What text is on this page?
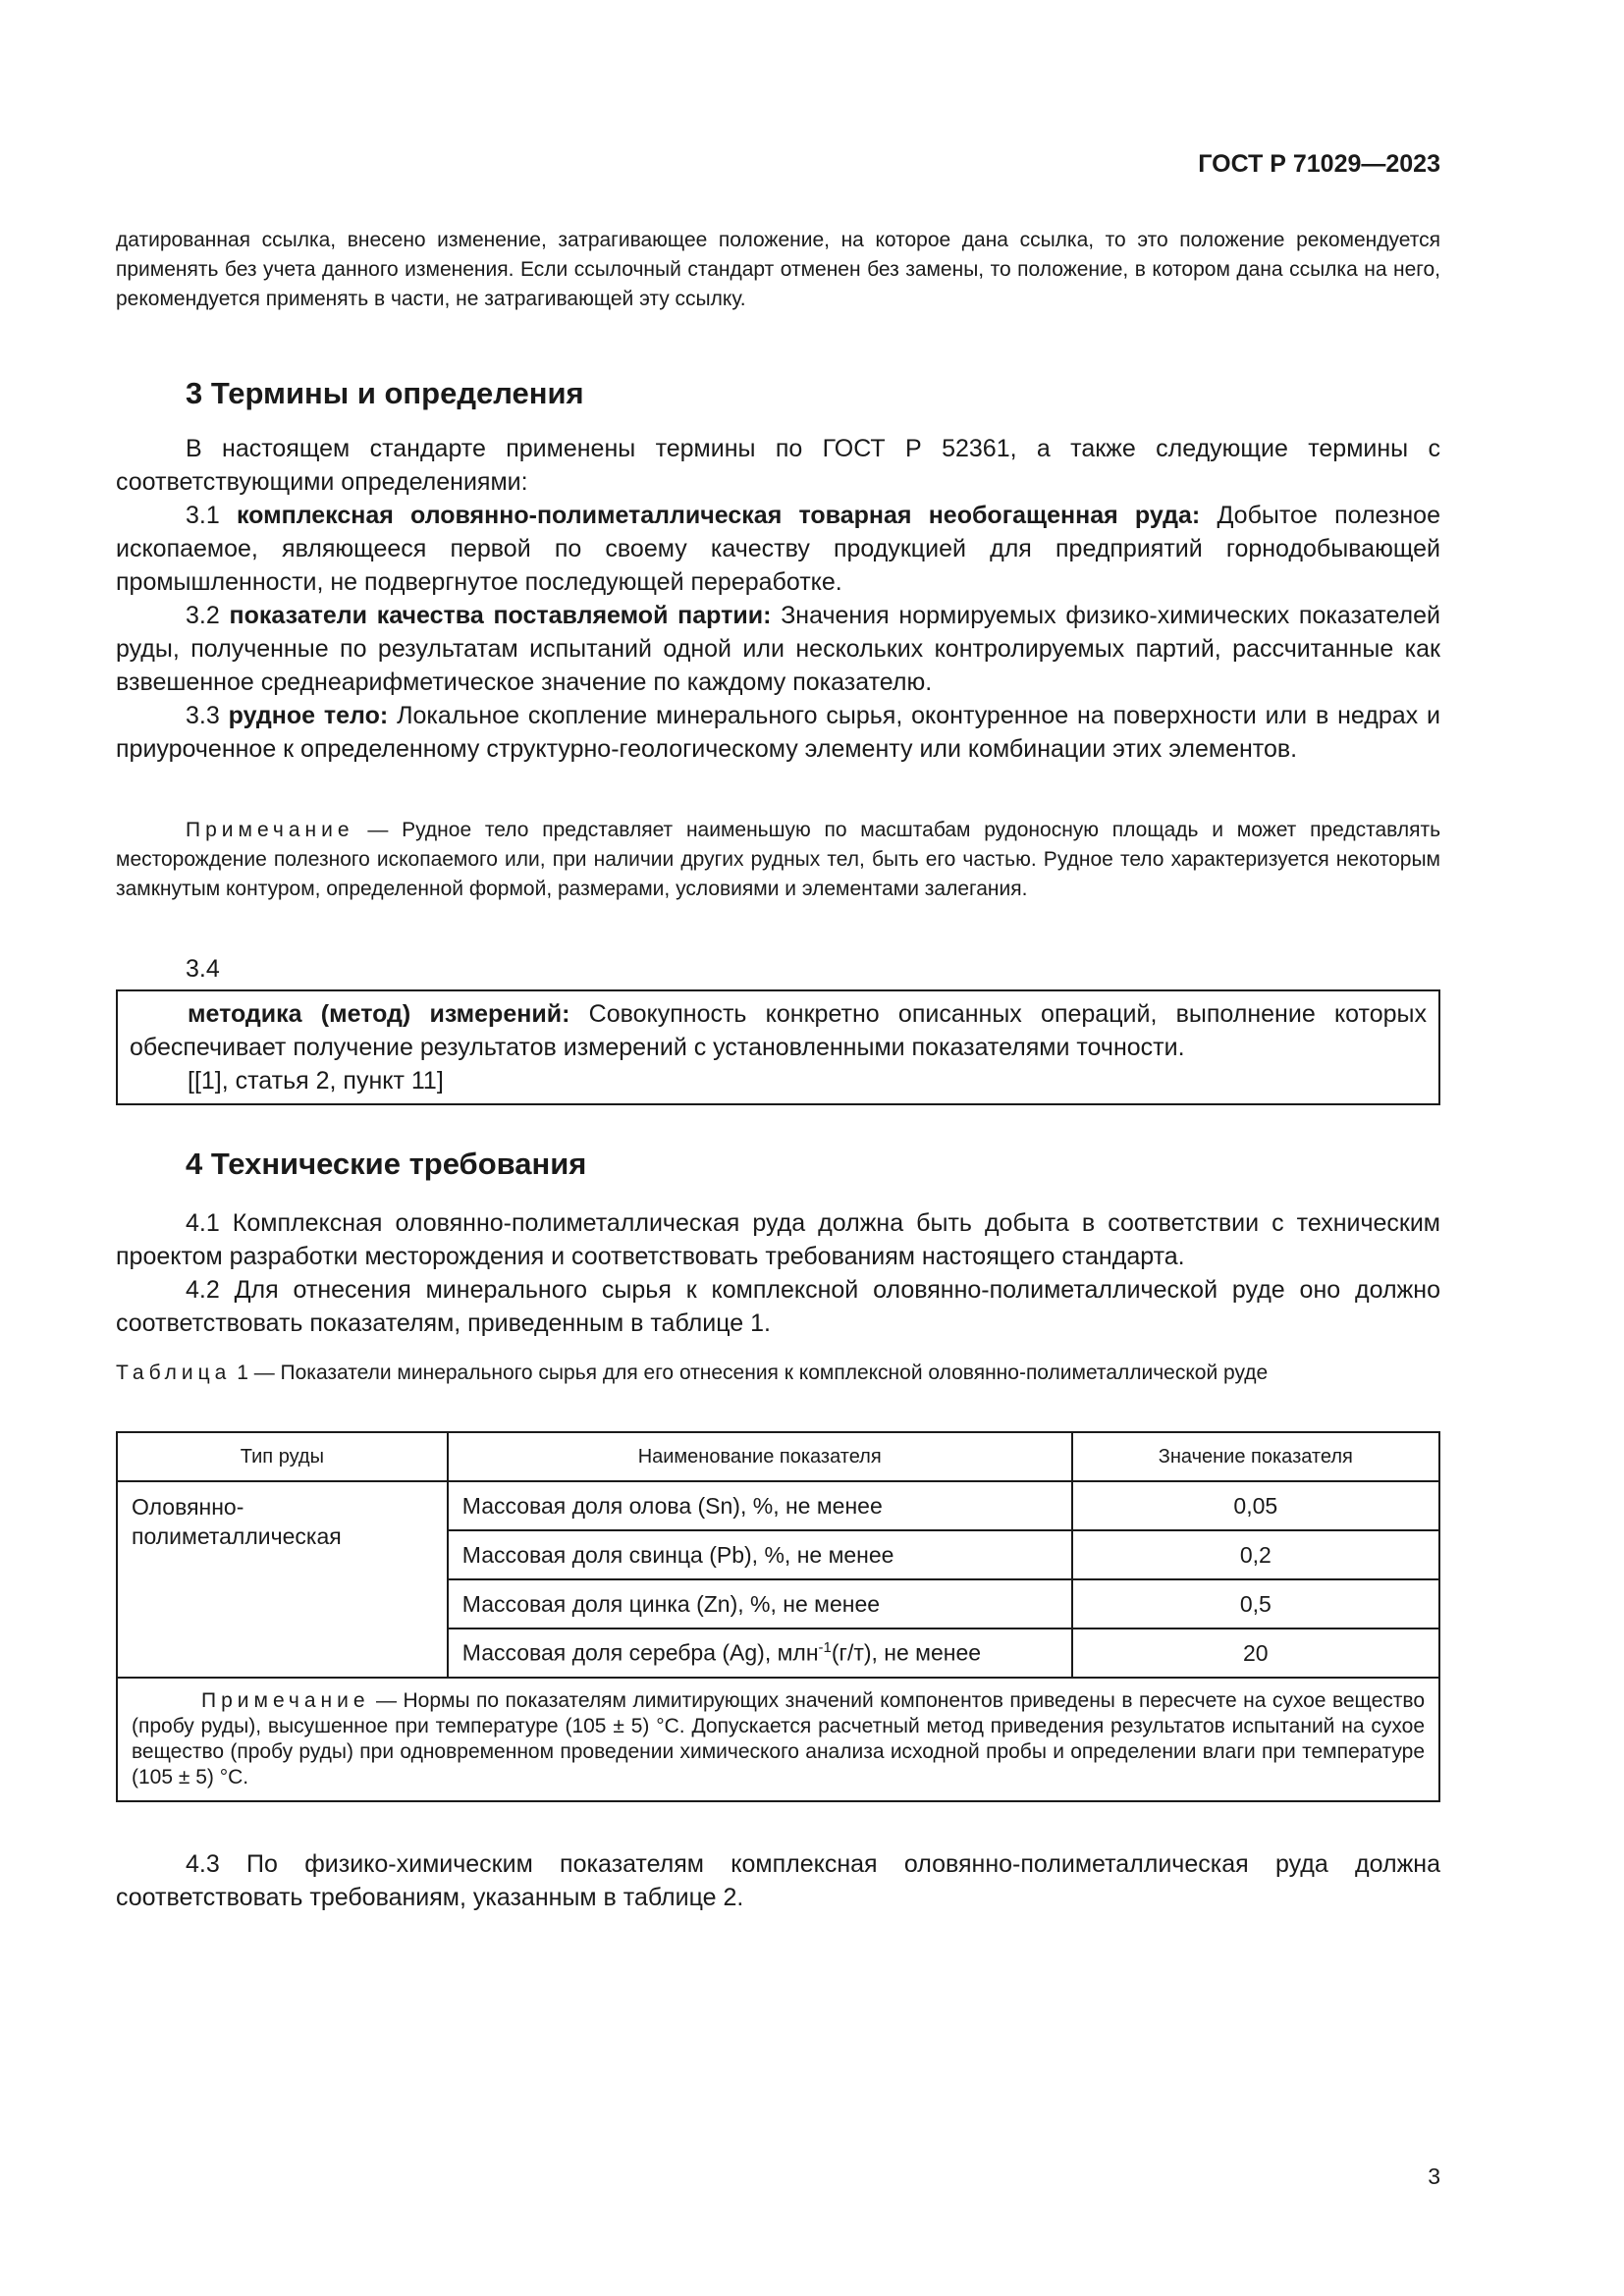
ГОСТ Р 71029—2023

датированная ссылка, внесено изменение, затрагивающее положение, на которое дана ссылка, то это положение рекомендуется применять без учета данного изменения. Если ссылочный стандарт отменен без замены, то положение, в котором дана ссылка на него, рекомендуется применять в части, не затрагивающей эту ссылку.

3 Термины и определения

В настоящем стандарте применены термины по ГОСТ Р 52361, а также следующие термины с соответствующими определениями:

3.1 комплексная оловянно-полиметаллическая товарная необогащенная руда: Добытое полезное ископаемое, являющееся первой по своему качеству продукцией для предприятий горнодобывающей промышленности, не подвергнутое последующей переработке.

3.2 показатели качества поставляемой партии: Значения нормируемых физико-химических показателей руды, полученные по результатам испытаний одной или нескольких контролируемых партий, рассчитанные как взвешенное среднеарифметическое значение по каждому показателю.

3.3 рудное тело: Локальное скопление минерального сырья, оконтуренное на поверхности или в недрах и приуроченное к определенному структурно-геологическому элементу или комбинации этих элементов.

Примечание — Рудное тело представляет наименьшую по масштабам рудоносную площадь и может представлять месторождение полезного ископаемого или, при наличии других рудных тел, быть его частью. Рудное тело характеризуется некоторым замкнутым контуром, определенной формой, размерами, условиями и элементами залегания.

3.4

методика (метод) измерений: Совокупность конкретно описанных операций, выполнение которых обеспечивает получение результатов измерений с установленными показателями точности.

[[1], статья 2, пункт 11]

4 Технические требования

4.1 Комплексная оловянно-полиметаллическая руда должна быть добыта в соответствии с техническим проектом разработки месторождения и соответствовать требованиям настоящего стандарта.

4.2 Для отнесения минерального сырья к комплексной оловянно-полиметаллической руде оно должно соответствовать показателям, приведенным в таблице 1.

Таблица 1 — Показатели минерального сырья для его отнесения к комплексной оловянно-полиметаллической руде

Тип руды	Наименование показателя	Значение показателя
Оловянно-полиметаллическая	Массовая доля олова (Sn), %, не менее	0,05
	Массовая доля свинца (Pb), %, не менее	0,2
	Массовая доля цинка (Zn), %, не менее	0,5
	Массовая доля серебра (Ag), млн$^{-1}$(г/т), не менее	20
Примечание — Нормы по показателям лимитирующих значений компонентов приведены в пересчете на сухое вещество (пробу руды), высушенное при температуре (105 ± 5) °С. Допускается расчетный метод приведения результатов испытаний на сухое вещество (пробу руды) при одновременном проведении химического анализа исходной пробы и определении влаги при температуре (105 ± 5) °С.		

4.3 По физико-химическим показателям комплексная оловянно-полиметаллическая руда должна соответствовать требованиям, указанным в таблице 2.

3
